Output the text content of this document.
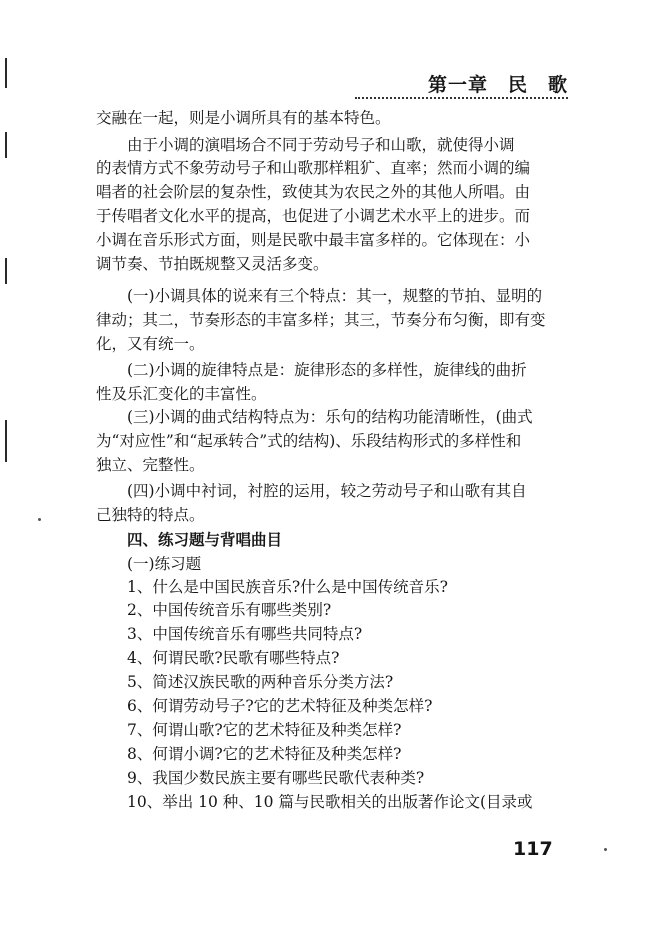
第一章　民　歌
交融在一起，则是小调所具有的基本特色。
由于小调的演唱场合不同于劳动号子和山歌，就使得小调
的表情方式不象劳动号子和山歌那样粗犷、直率；然而小调的编
唱者的社会阶层的复杂性，致使其为农民之外的其他人所唱。由
于传唱者文化水平的提高，也促进了小调艺术水平上的进步。而
小调在音乐形式方面，则是民歌中最丰富多样的。它体现在：小
调节奏、节拍既规整又灵活多变。
(一)小调具体的说来有三个特点：其一，规整的节拍、显明的
律动；其二，节奏形态的丰富多样；其三，节奏分布匀衡，即有变
化，又有统一。
(二)小调的旋律特点是：旋律形态的多样性，旋律线的曲折
性及乐汇变化的丰富性。
(三)小调的曲式结构特点为：乐句的结构功能清晰性，(曲式
为“对应性”和“起承转合”式的结构)、乐段结构形式的多样性和
独立、完整性。
(四)小调中衬词，衬腔的运用，较之劳动号子和山歌有其自
己独特的特点。
四、练习题与背唱曲目
(一)练习题
1、什么是中国民族音乐?什么是中国传统音乐?
2、中国传统音乐有哪些类别?
3、中国传统音乐有哪些共同特点?
4、何谓民歌?民歌有哪些特点?
5、简述汉族民歌的两种音乐分类方法?
6、何谓劳动号子?它的艺术特征及种类怎样?
7、何谓山歌?它的艺术特征及种类怎样?
8、何谓小调?它的艺术特征及种类怎样?
9、我国少数民族主要有哪些民歌代表种类?
10、举出 10 种、10 篇与民歌相关的出版著作论文(目录或
117
